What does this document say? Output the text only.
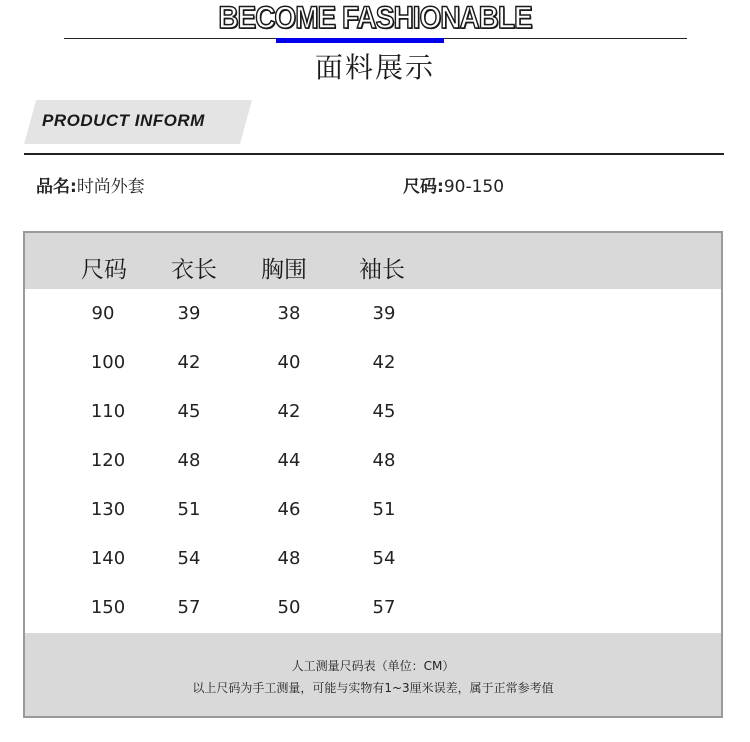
BECOME FASHIONABLE
面料展示
PRODUCT INFORM
品名:时尚外套	尺码:90-150
尺码 衣长 胸围 袖长
90	39	38	39
100	42	40	42
110	45	42	45
120	48	44	48
130	51	46	51
140	54	48	54
150	57	50	57
人工测量尺码表（单位：CM）
以上尺码为手工测量，可能与实物有1~3厘米误差，属于正常参考值
